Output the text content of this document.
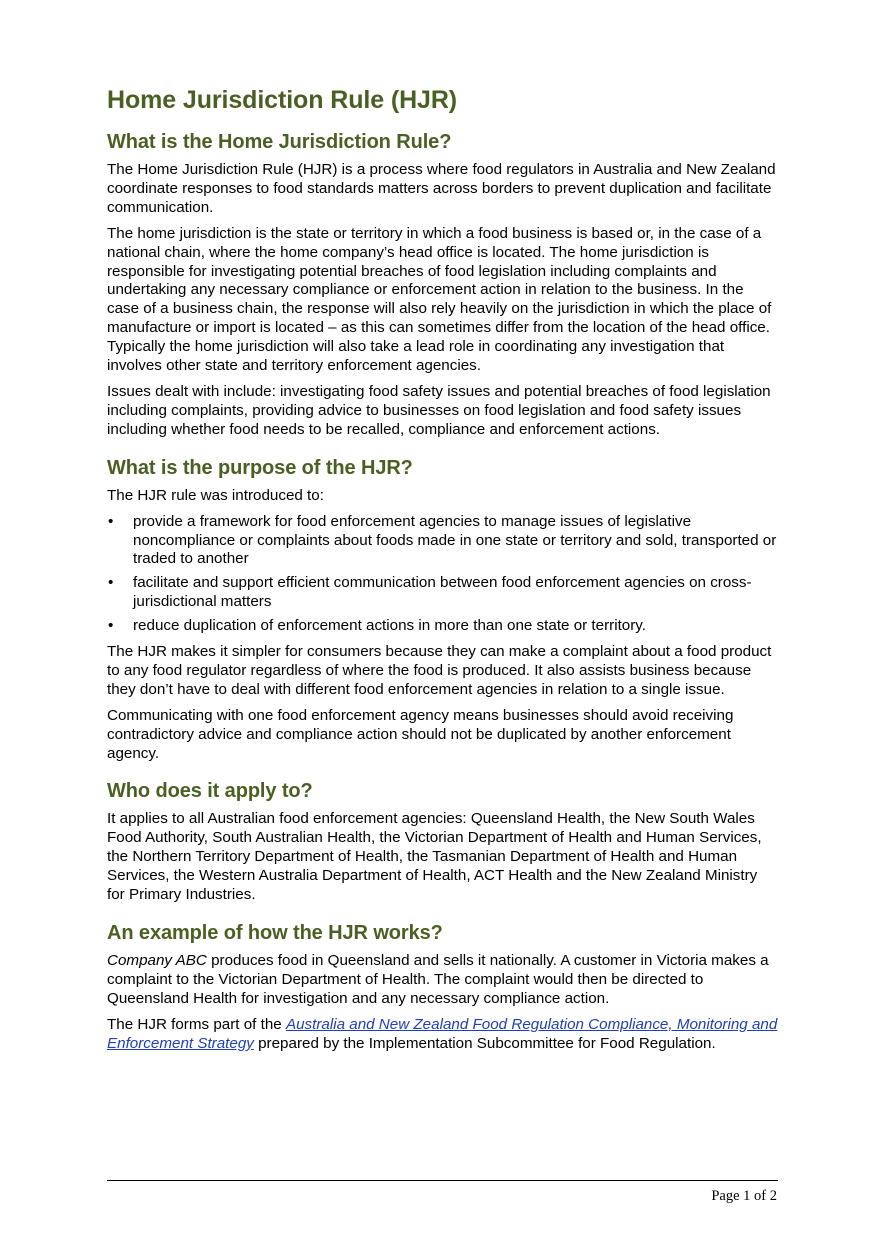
Home Jurisdiction Rule (HJR)
What is the Home Jurisdiction Rule?

The Home Jurisdiction Rule (HJR) is a process where food regulators in Australia and New Zealand coordinate responses to food standards matters across borders to prevent duplication and facilitate communication.

The home jurisdiction is the state or territory in which a food business is based or, in the case of a national chain, where the home company’s head office is located. The home jurisdiction is responsible for investigating potential breaches of food legislation including complaints and undertaking any necessary compliance or enforcement action in relation to the business. In the case of a business chain, the response will also rely heavily on the jurisdiction in which the place of manufacture or import is located – as this can sometimes differ from the location of the head office. Typically the home jurisdiction will also take a lead role in coordinating any investigation that involves other state and territory enforcement agencies.

Issues dealt with include: investigating food safety issues and potential breaches of food legislation including complaints, providing advice to businesses on food legislation and food safety issues including whether food needs to be recalled, compliance and enforcement actions.

What is the purpose of the HJR?

The HJR rule was introduced to:

• provide a framework for food enforcement agencies to manage issues of legislative noncompliance or complaints about foods made in one state or territory and sold, transported or traded to another
• facilitate and support efficient communication between food enforcement agencies on cross-jurisdictional matters
• reduce duplication of enforcement actions in more than one state or territory.

The HJR makes it simpler for consumers because they can make a complaint about a food product to any food regulator regardless of where the food is produced. It also assists business because they don’t have to deal with different food enforcement agencies in relation to a single issue.

Communicating with one food enforcement agency means businesses should avoid receiving contradictory advice and compliance action should not be duplicated by another enforcement agency.

Who does it apply to?

It applies to all Australian food enforcement agencies: Queensland Health, the New South Wales Food Authority, South Australian Health, the Victorian Department of Health and Human Services, the Northern Territory Department of Health, the Tasmanian Department of Health and Human Services, the Western Australia Department of Health, ACT Health and the New Zealand Ministry for Primary Industries.

An example of how the HJR works?

Company ABC produces food in Queensland and sells it nationally. A customer in Victoria makes a complaint to the Victorian Department of Health. The complaint would then be directed to Queensland Health for investigation and any necessary compliance action.

The HJR forms part of the Australia and New Zealand Food Regulation Compliance, Monitoring and Enforcement Strategy prepared by the Implementation Subcommittee for Food Regulation.

Page 1 of 2
